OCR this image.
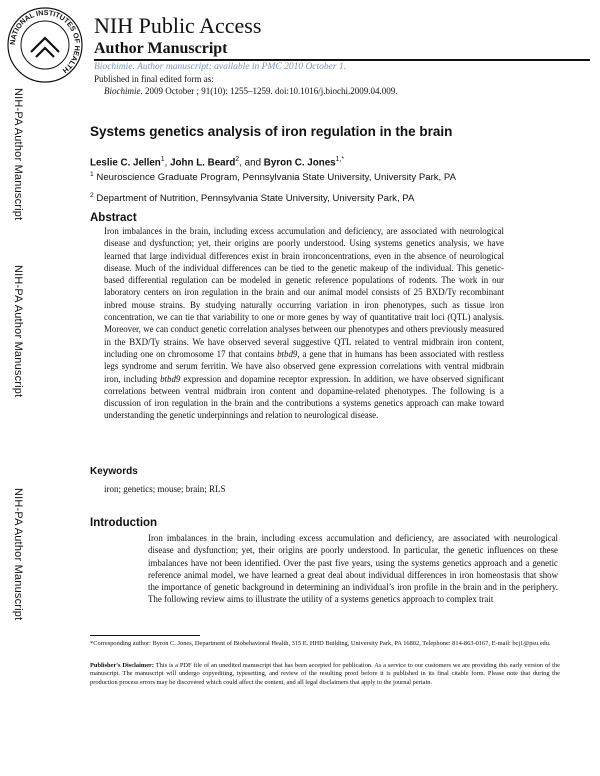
NATIONAL INSTITUTES OF HEALTH
NIH Public Access
Author Manuscript
Biochimie. Author manuscript; available in PMC 2010 October 1.
Published in final edited form as:
Biochimie. 2009 October ; 91(10): 1255–1259. doi:10.1016/j.biochi.2009.04.009.
NIH-PA Author Manuscript
NIH-PA Author Manuscript
NIH-PA Author Manuscript
Systems genetics analysis of iron regulation in the brain
Leslie C. Jellen$^1$, John L. Beard$^2$, and Byron C. Jones$^{1,*}$
$^1$ Neuroscience Graduate Program, Pennsylvania State University, University Park, PA
$^2$ Department of Nutrition, Pennsylvania State University, University Park, PA
Abstract
Iron imbalances in the brain, including excess accumulation and deficiency, are associated with neurological disease and dysfunction; yet, their origins are poorly understood. Using systems genetics analysis, we have learned that large individual differences exist in brain ironconcentrations, even in the absence of neurological disease. Much of the individual differences can be tied to the genetic makeup of the individual. This genetic-based differential regulation can be modeled in genetic reference populations of rodents. The work in our laboratory centers on iron regulation in the brain and our animal model consists of 25 BXD/Ty recombinant inbred mouse strains. By studying naturally occurring variation in iron phenotypes, such as tissue iron concentration, we can tie that variability to one or more genes by way of quantitative trait loci (QTL) analysis. Moreover, we can conduct genetic correlation analyses between our phenotypes and others previously measured in the BXD/Ty strains. We have observed several suggestive QTL related to ventral midbrain iron content, including one on chromosome 17 that contains btbd9, a gene that in humans has been associated with restless legs syndrome and serum ferritin. We have also observed gene expression correlations with ventral midbrain iron, including btbd9 expression and dopamine receptor expression. In addition, we have observed significant correlations between ventral midbrain iron content and dopamine-related phenotypes. The following is a discussion of iron regulation in the brain and the contributions a systems genetics approach can make toward understanding the genetic underpinnings and relation to neurological disease.
Keywords
iron; genetics; mouse; brain; RLS
Introduction
Iron imbalances in the brain, including excess accumulation and deficiency, are associated with neurological disease and dysfunction; yet, their origins are poorly understood. In particular, the genetic influences on these imbalances have not been identified. Over the past five years, using the systems genetics approach and a genetic reference animal model, we have learned a great deal about individual differences in iron homeostasis that show the importance of genetic background in determining an individual’s iron profile in the brain and in the periphery. The following review aims to illustrate the utility of a systems genetics approach to complex trait
*Corresponding author: Byron C. Jones, Department of Biobehavioral Health, 315 E. HHD Building, University Park, PA 16802, Telephone: 814-863-0167, E-mail: bcj1@psu.edu.
Publisher's Disclaimer: This is a PDF file of an unedited manuscript that has been accepted for publication. As a service to our customers we are providing this early version of the manuscript. The manuscript will undergo copyediting, typesetting, and review of the resulting proof before it is published in its final citable form. Please note that during the production process errors may be discovered which could affect the content, and all legal disclaimers that apply to the journal pertain.
